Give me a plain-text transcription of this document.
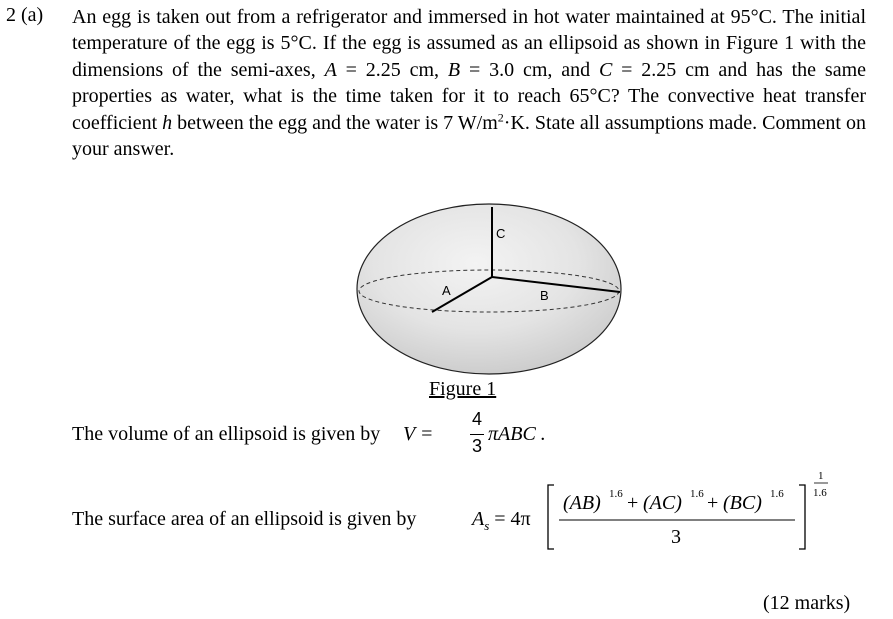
2 (a) An egg is taken out from a refrigerator and immersed in hot water maintained at 95°C. The initial temperature of the egg is 5°C. If the egg is assumed as an ellipsoid as shown in Figure 1 with the dimensions of the semi-axes, A = 2.25 cm, B = 3.0 cm, and C = 2.25 cm and has the same properties as water, what is the time taken for it to reach 65°C? The convective heat transfer coefficient h between the egg and the water is 7 $W/m^2\cdot K$. State all assumptions made. Comment on your answer.

C
B
A
Figure 1
The volume of an ellipsoid is given by V =
4
3
πABC .
The surface area of an ellipsoid is given by	$A_s = 4\pi$
(AB) 1.6 + (AC) 1.6 + (BC) 1.6
3
1
1.6
(12 marks)
